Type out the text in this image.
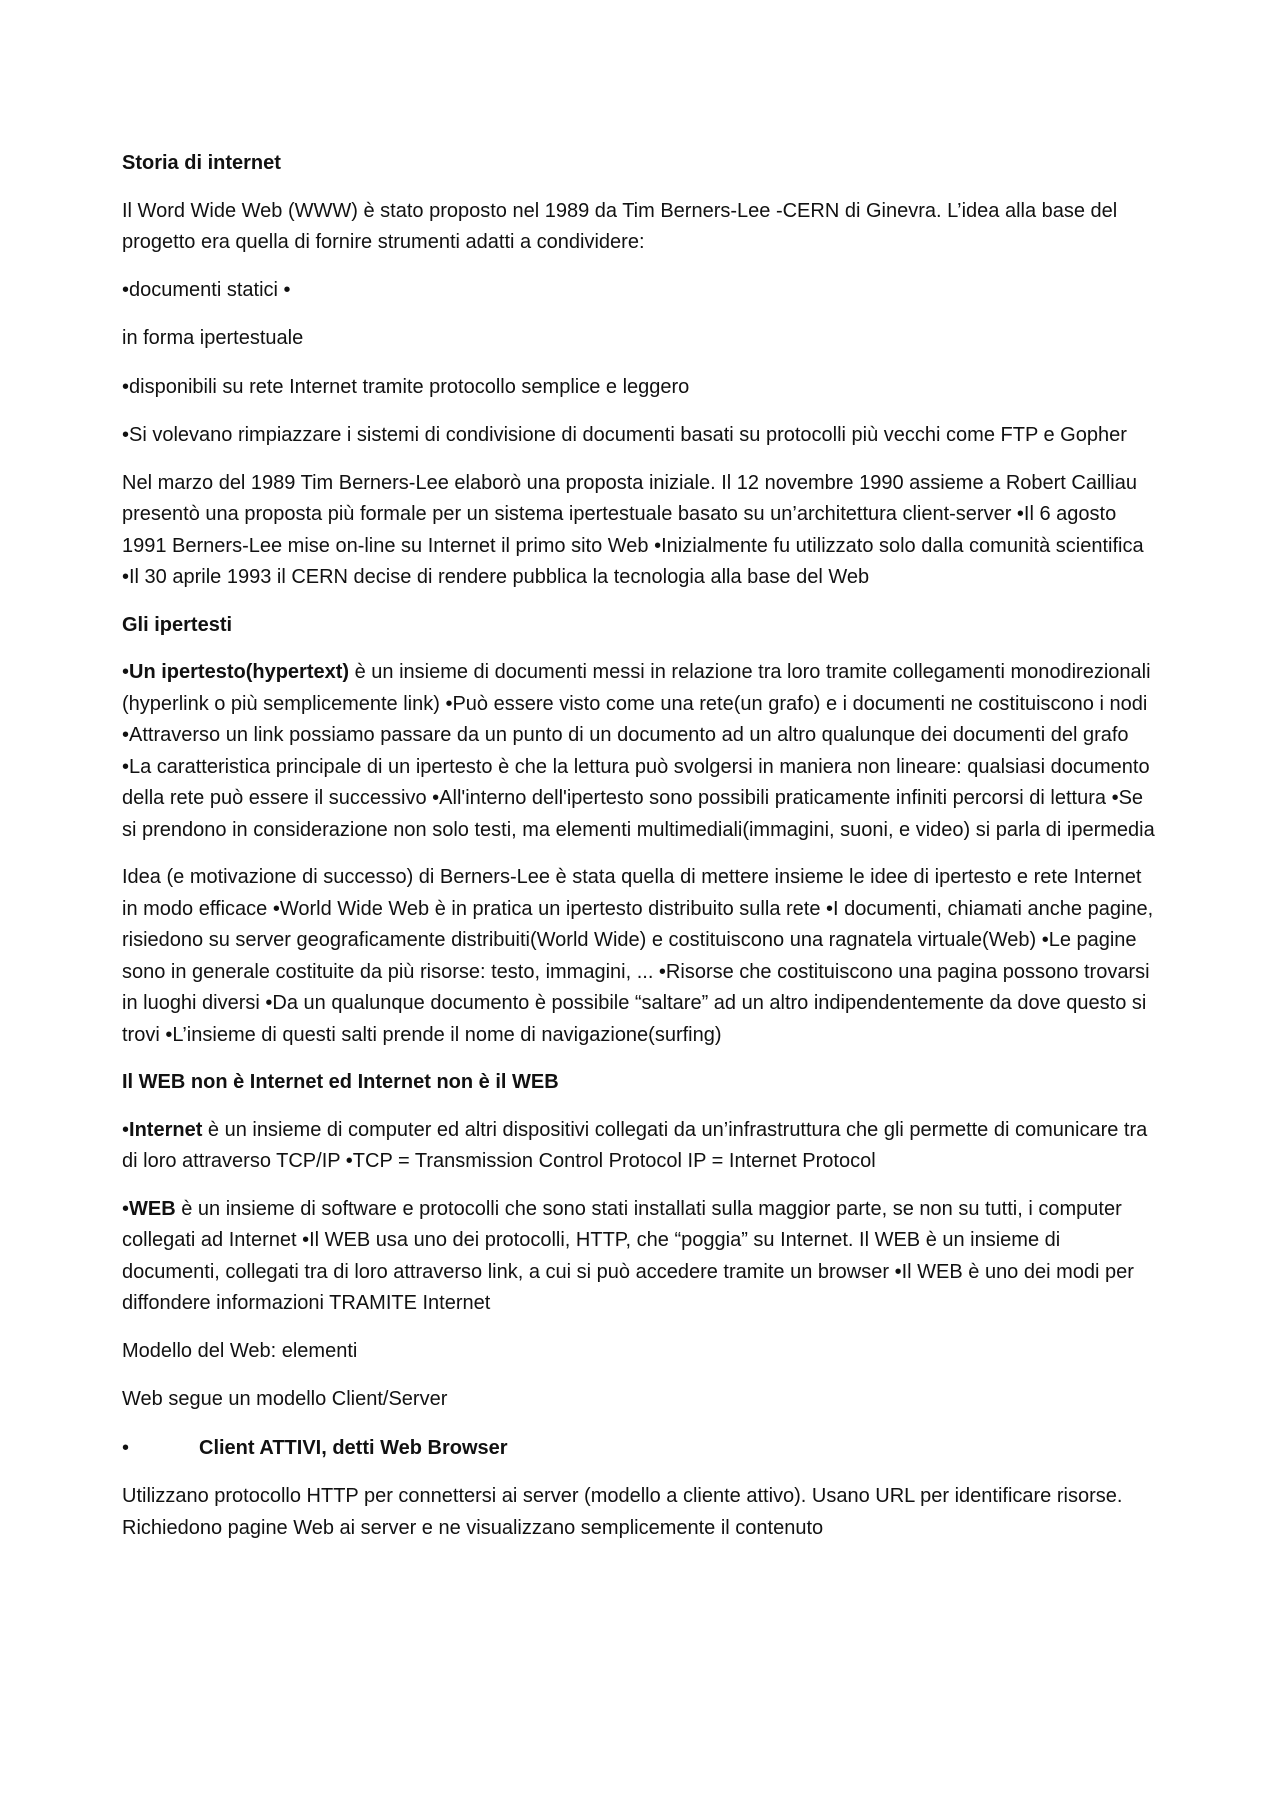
Storia di internet

Il Word Wide Web (WWW) è stato proposto nel 1989 da Tim Berners-Lee -CERN di Ginevra. L’idea alla base del progetto era quella di fornire strumenti adatti a condividere:

•documenti statici •

in forma ipertestuale

•disponibili su rete Internet tramite protocollo semplice e leggero

•Si volevano rimpiazzare i sistemi di condivisione di documenti basati su protocolli più vecchi come FTP e Gopher

Nel marzo del 1989 Tim Berners-Lee elaborò una proposta iniziale. Il 12 novembre 1990 assieme a Robert Cailliau presentò una proposta più formale per un sistema ipertestuale basato su un’architettura client-server •Il 6 agosto 1991 Berners-Lee mise on-line su Internet il primo sito Web •Inizialmente fu utilizzato solo dalla comunità scientifica •Il 30 aprile 1993 il CERN decise di rendere pubblica la tecnologia alla base del Web

Gli ipertesti

•Un ipertesto(hypertext) è un insieme di documenti messi in relazione tra loro tramite collegamenti monodirezionali (hyperlink o più semplicemente link) •Può essere visto come una rete(un grafo) e i documenti ne costituiscono i nodi •Attraverso un link possiamo passare da un punto di un documento ad un altro qualunque dei documenti del grafo •La caratteristica principale di un ipertesto è che la lettura può svolgersi in maniera non lineare: qualsiasi documento della rete può essere il successivo •All'interno dell'ipertesto sono possibili praticamente infiniti percorsi di lettura •Se si prendono in considerazione non solo testi, ma elementi multimediali(immagini, suoni, e video) si parla di ipermedia

Idea (e motivazione di successo) di Berners-Lee è stata quella di mettere insieme le idee di ipertesto e rete Internet in modo efficace •World Wide Web è in pratica un ipertesto distribuito sulla rete •I documenti, chiamati anche pagine, risiedono su server geograficamente distribuiti(World Wide) e costituiscono una ragnatela virtuale(Web) •Le pagine sono in generale costituite da più risorse: testo, immagini, ... •Risorse che costituiscono una pagina possono trovarsi in luoghi diversi •Da un qualunque documento è possibile “saltare” ad un altro indipendentemente da dove questo si trovi •L’insieme di questi salti prende il nome di navigazione(surfing)

Il WEB non è Internet ed Internet non è il WEB

•Internet è un insieme di computer ed altri dispositivi collegati da un’infrastruttura che gli permette di comunicare tra di loro attraverso TCP/IP •TCP = Transmission Control Protocol IP = Internet Protocol

•WEB è un insieme di software e protocolli che sono stati installati sulla maggior parte, se non su tutti, i computer collegati ad Internet •Il WEB usa uno dei protocolli, HTTP, che “poggia” su Internet. Il WEB è un insieme di documenti, collegati tra di loro attraverso link, a cui si può accedere tramite un browser •Il WEB è uno dei modi per diffondere informazioni TRAMITE Internet

Modello del Web: elementi

Web segue un modello Client/Server

•	Client ATTIVI, detti Web Browser

Utilizzano protocollo HTTP per connettersi ai server (modello a cliente attivo). Usano URL per identificare risorse. Richiedono pagine Web ai server e ne visualizzano semplicemente il contenuto
